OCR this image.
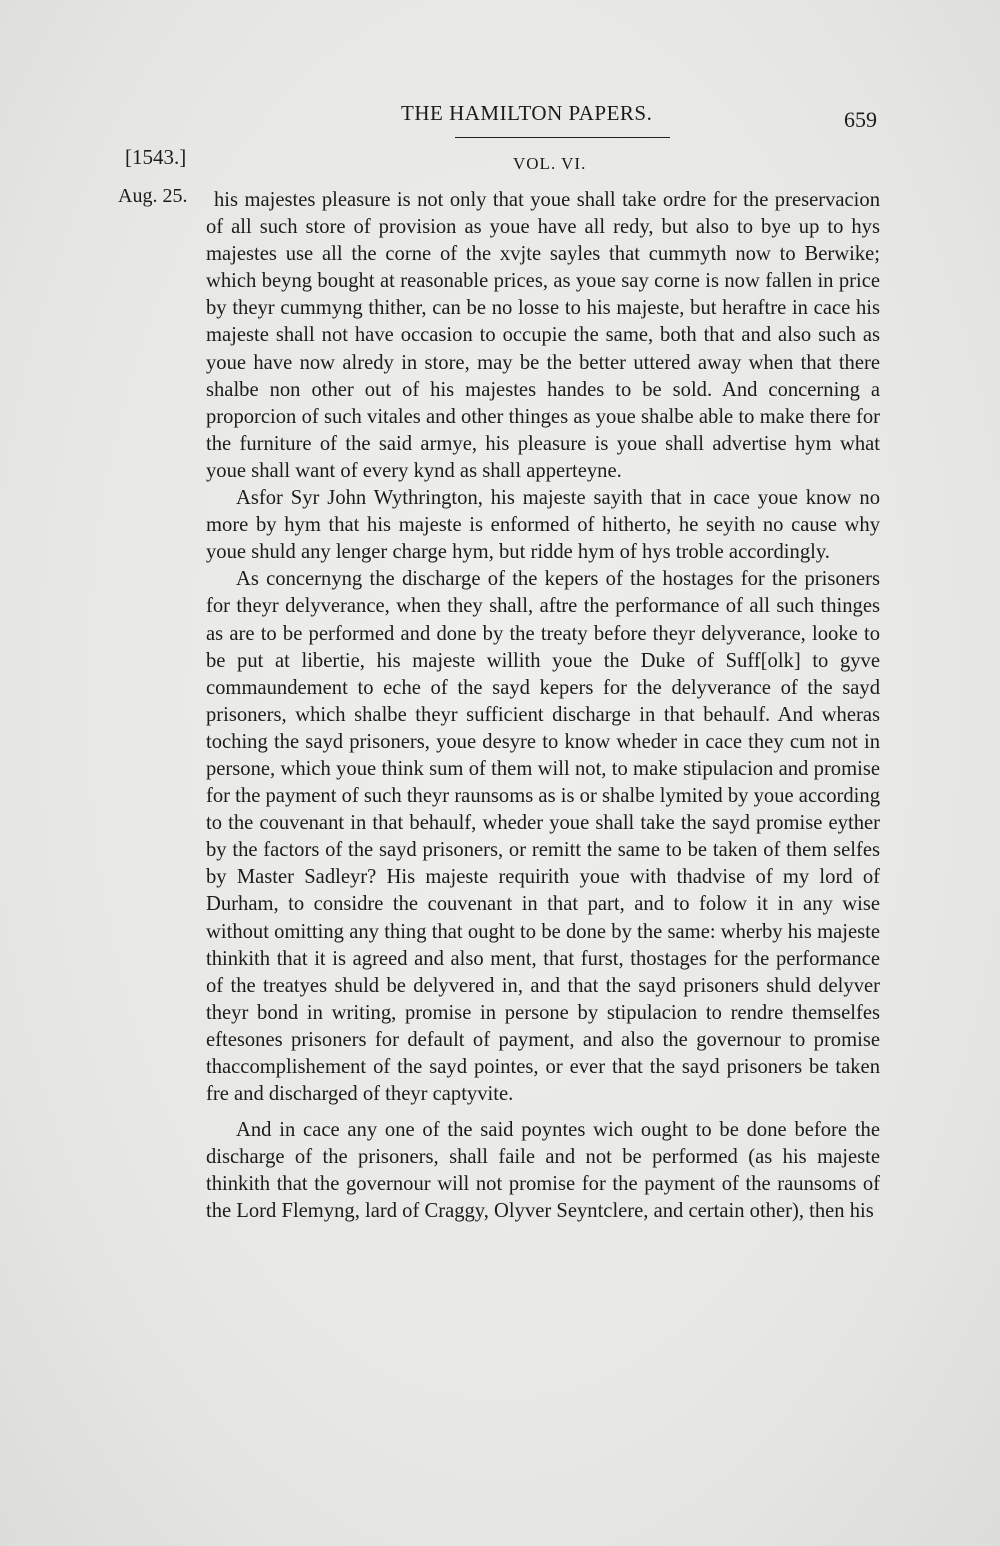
THE HAMILTON PAPERS.	659
[1543.]	VOL. VI.
Aug. 25.	his majestes pleasure is not only that youe shall take ordre for the preservacion of all such store of provision as youe have all redy, but also to bye up to hys majestes use all the corne of the xvjte sayles that cummyth now to Berwike; which beyng bought at reasonable prices, as youe say corne is now fallen in price by theyr cummyng thither, can be no losse to his majeste, but heraftre in cace his majeste shall not have occasion to occupie the same, both that and also such as youe have now alredy in store, may be the better uttered away when that there shalbe non other out of his majestes handes to be sold. And concerning a proporcion of such vitales and other thinges as youe shalbe able to make there for the furniture of the said armye, his pleasure is youe shall advertise hym what youe shall want of every kynd as shall apperteyne.

Asfor Syr John Wythrington, his majeste sayith that in cace youe know no more by hym that his majeste is enformed of hitherto, he seyith no cause why youe shuld any lenger charge hym, but ridde hym of hys troble accordingly.

As concernyng the discharge of the kepers of the hostages for the prisoners for theyr delyverance, when they shall, aftre the performance of all such thinges as are to be performed and done by the treaty before theyr delyverance, looke to be put at libertie, his majeste willith youe the Duke of Suff[olk] to gyve commaundement to eche of the sayd kepers for the delyverance of the sayd prisoners, which shalbe theyr sufficient discharge in that behaulf. And wheras toching the sayd prisoners, youe desyre to know wheder in cace they cum not in persone, which youe think sum of them will not, to make stipulacion and promise for the payment of such theyr raunsoms as is or shalbe lymited by youe according to the couvenant in that behaulf, wheder youe shall take the sayd promise eyther by the factors of the sayd prisoners, or remitt the same to be taken of them selfes by Master Sadleyr? His majeste requirith youe with thadvise of my lord of Durham, to considre the couvenant in that part, and to folow it in any wise without omitting any thing that ought to be done by the same: wherby his majeste thinkith that it is agreed and also ment, that furst, thostages for the performance of the treatyes shuld be delyvered in, and that the sayd prisoners shuld delyver theyr bond in writing, promise in persone by stipulacion to rendre themselfes eftesones prisoners for default of payment, and also the governour to promise thaccomplishement of the sayd pointes, or ever that the sayd prisoners be taken fre and discharged of theyr captyvite.

And in cace any one of the said poyntes wich ought to be done before the discharge of the prisoners, shall faile and not be performed (as his majeste thinkith that the governour will not promise for the payment of the raunsoms of the Lord Flemyng, lard of Craggy, Olyver Seyntclere, and certain other), then his
